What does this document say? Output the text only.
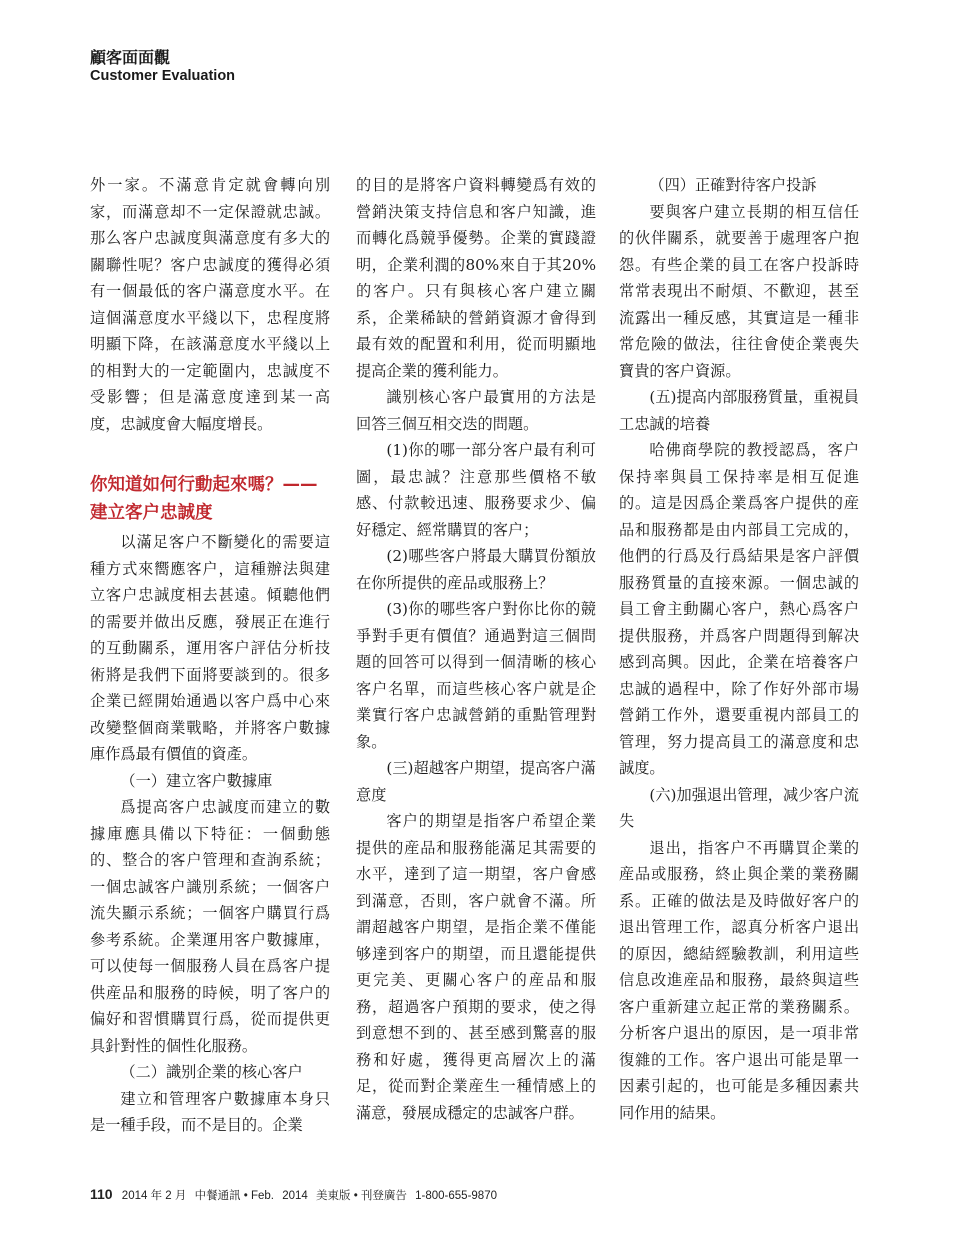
顧客面面觀
Customer Evaluation

外一家。不滿意肯定就會轉向別家，而滿意却不一定保證就忠誠。那么客户忠誠度與滿意度有多大的關聯性呢？客户忠誠度的獲得必須有一個最低的客户滿意度水平。在這個滿意度水平綫以下，忠程度將明顯下降，在該滿意度水平綫以上的相對大的一定範圍内，忠誠度不受影響；但是滿意度達到某一高度，忠誠度會大幅度增長。

你知道如何行動起來嗎？——建立客户忠誠度

以滿足客户不斷變化的需要這種方式來嚮應客户，這種辦法與建立客户忠誠度相去甚遠。傾聽他們的需要并做出反應，發展正在進行的互動關系，運用客户評估分析技術將是我們下面將要談到的。很多企業已經開始通過以客户爲中心來改變整個商業戰略，并將客户數據庫作爲最有價值的資產。

（一）建立客户數據庫

爲提高客户忠誠度而建立的數據庫應具備以下特征：一個動態的、整合的客户管理和查詢系統；一個忠誠客户識別系統；一個客户流失顯示系統；一個客户購買行爲參考系統。企業運用客户數據庫，可以使每一個服務人員在爲客户提供産品和服務的時候，明了客户的偏好和習慣購買行爲，從而提供更具針對性的個性化服務。

（二）識别企業的核心客户

建立和管理客户數據庫本身只是一種手段，而不是目的。企業

的目的是將客户資料轉變爲有效的營銷決策支持信息和客户知識，進而轉化爲競爭優勢。企業的實踐證明，企業利潤的80%來自于其20%的客户。只有與核心客户建立關系，企業稀缺的營銷資源才會得到最有效的配置和利用，從而明顯地提高企業的獲利能力。

識别核心客户最實用的方法是回答三個互相交迭的問題。

(1)你的哪一部分客户最有利可圖，最忠誠？注意那些價格不敏感、付款較迅速、服務要求少、偏好穩定、經常購買的客户；

(2)哪些客户將最大購買份額放在你所提供的産品或服務上？

(3)你的哪些客户對你比你的競爭對手更有價值？通過對這三個問題的回答可以得到一個清晰的核心客户名單，而這些核心客户就是企業實行客户忠誠營銷的重點管理對象。

(三)超越客户期望，提高客户滿意度

客户的期望是指客户希望企業提供的産品和服務能滿足其需要的水平，達到了這一期望，客户會感到滿意，否則，客户就會不滿。所謂超越客户期望，是指企業不僅能够達到客户的期望，而且還能提供更完美、更關心客户的産品和服務，超過客户預期的要求，使之得到意想不到的、甚至感到驚喜的服務和好處，獲得更高層次上的滿足，從而對企業産生一種情感上的滿意，發展成穩定的忠誠客户群。

（四）正確對待客户投訴

要與客户建立長期的相互信任的伙伴關系，就要善于處理客户抱怨。有些企業的員工在客户投訴時常常表現出不耐煩、不歡迎，甚至流露出一種反感，其實這是一種非常危險的做法，往往會使企業喪失寶貴的客户資源。

(五)提高内部服務質量，重視員工忠誠的培養

哈佛商學院的教授認爲，客户保持率與員工保持率是相互促進的。這是因爲企業爲客户提供的産品和服務都是由内部員工完成的，他們的行爲及行爲結果是客户評價服務質量的直接來源。一個忠誠的員工會主動關心客户，熱心爲客户提供服務，并爲客户問題得到解决感到高興。因此，企業在培養客户忠誠的過程中，除了作好外部市場營銷工作外，還要重視内部員工的管理，努力提高員工的滿意度和忠誠度。

(六)加强退出管理，减少客户流失

退出，指客户不再購買企業的産品或服務，終止與企業的業務關系。正確的做法是及時做好客户的退出管理工作，認真分析客户退出的原因，總結經驗教訓，利用這些信息改進産品和服務，最終與這些客户重新建立起正常的業務關系。分析客户退出的原因，是一項非常復雜的工作。客户退出可能是單一因素引起的，也可能是多種因素共同作用的結果。

110 2014 年 2 月 中餐通訊 • Feb. 2014 美東版 • 刊登廣告 1-800-655-9870
